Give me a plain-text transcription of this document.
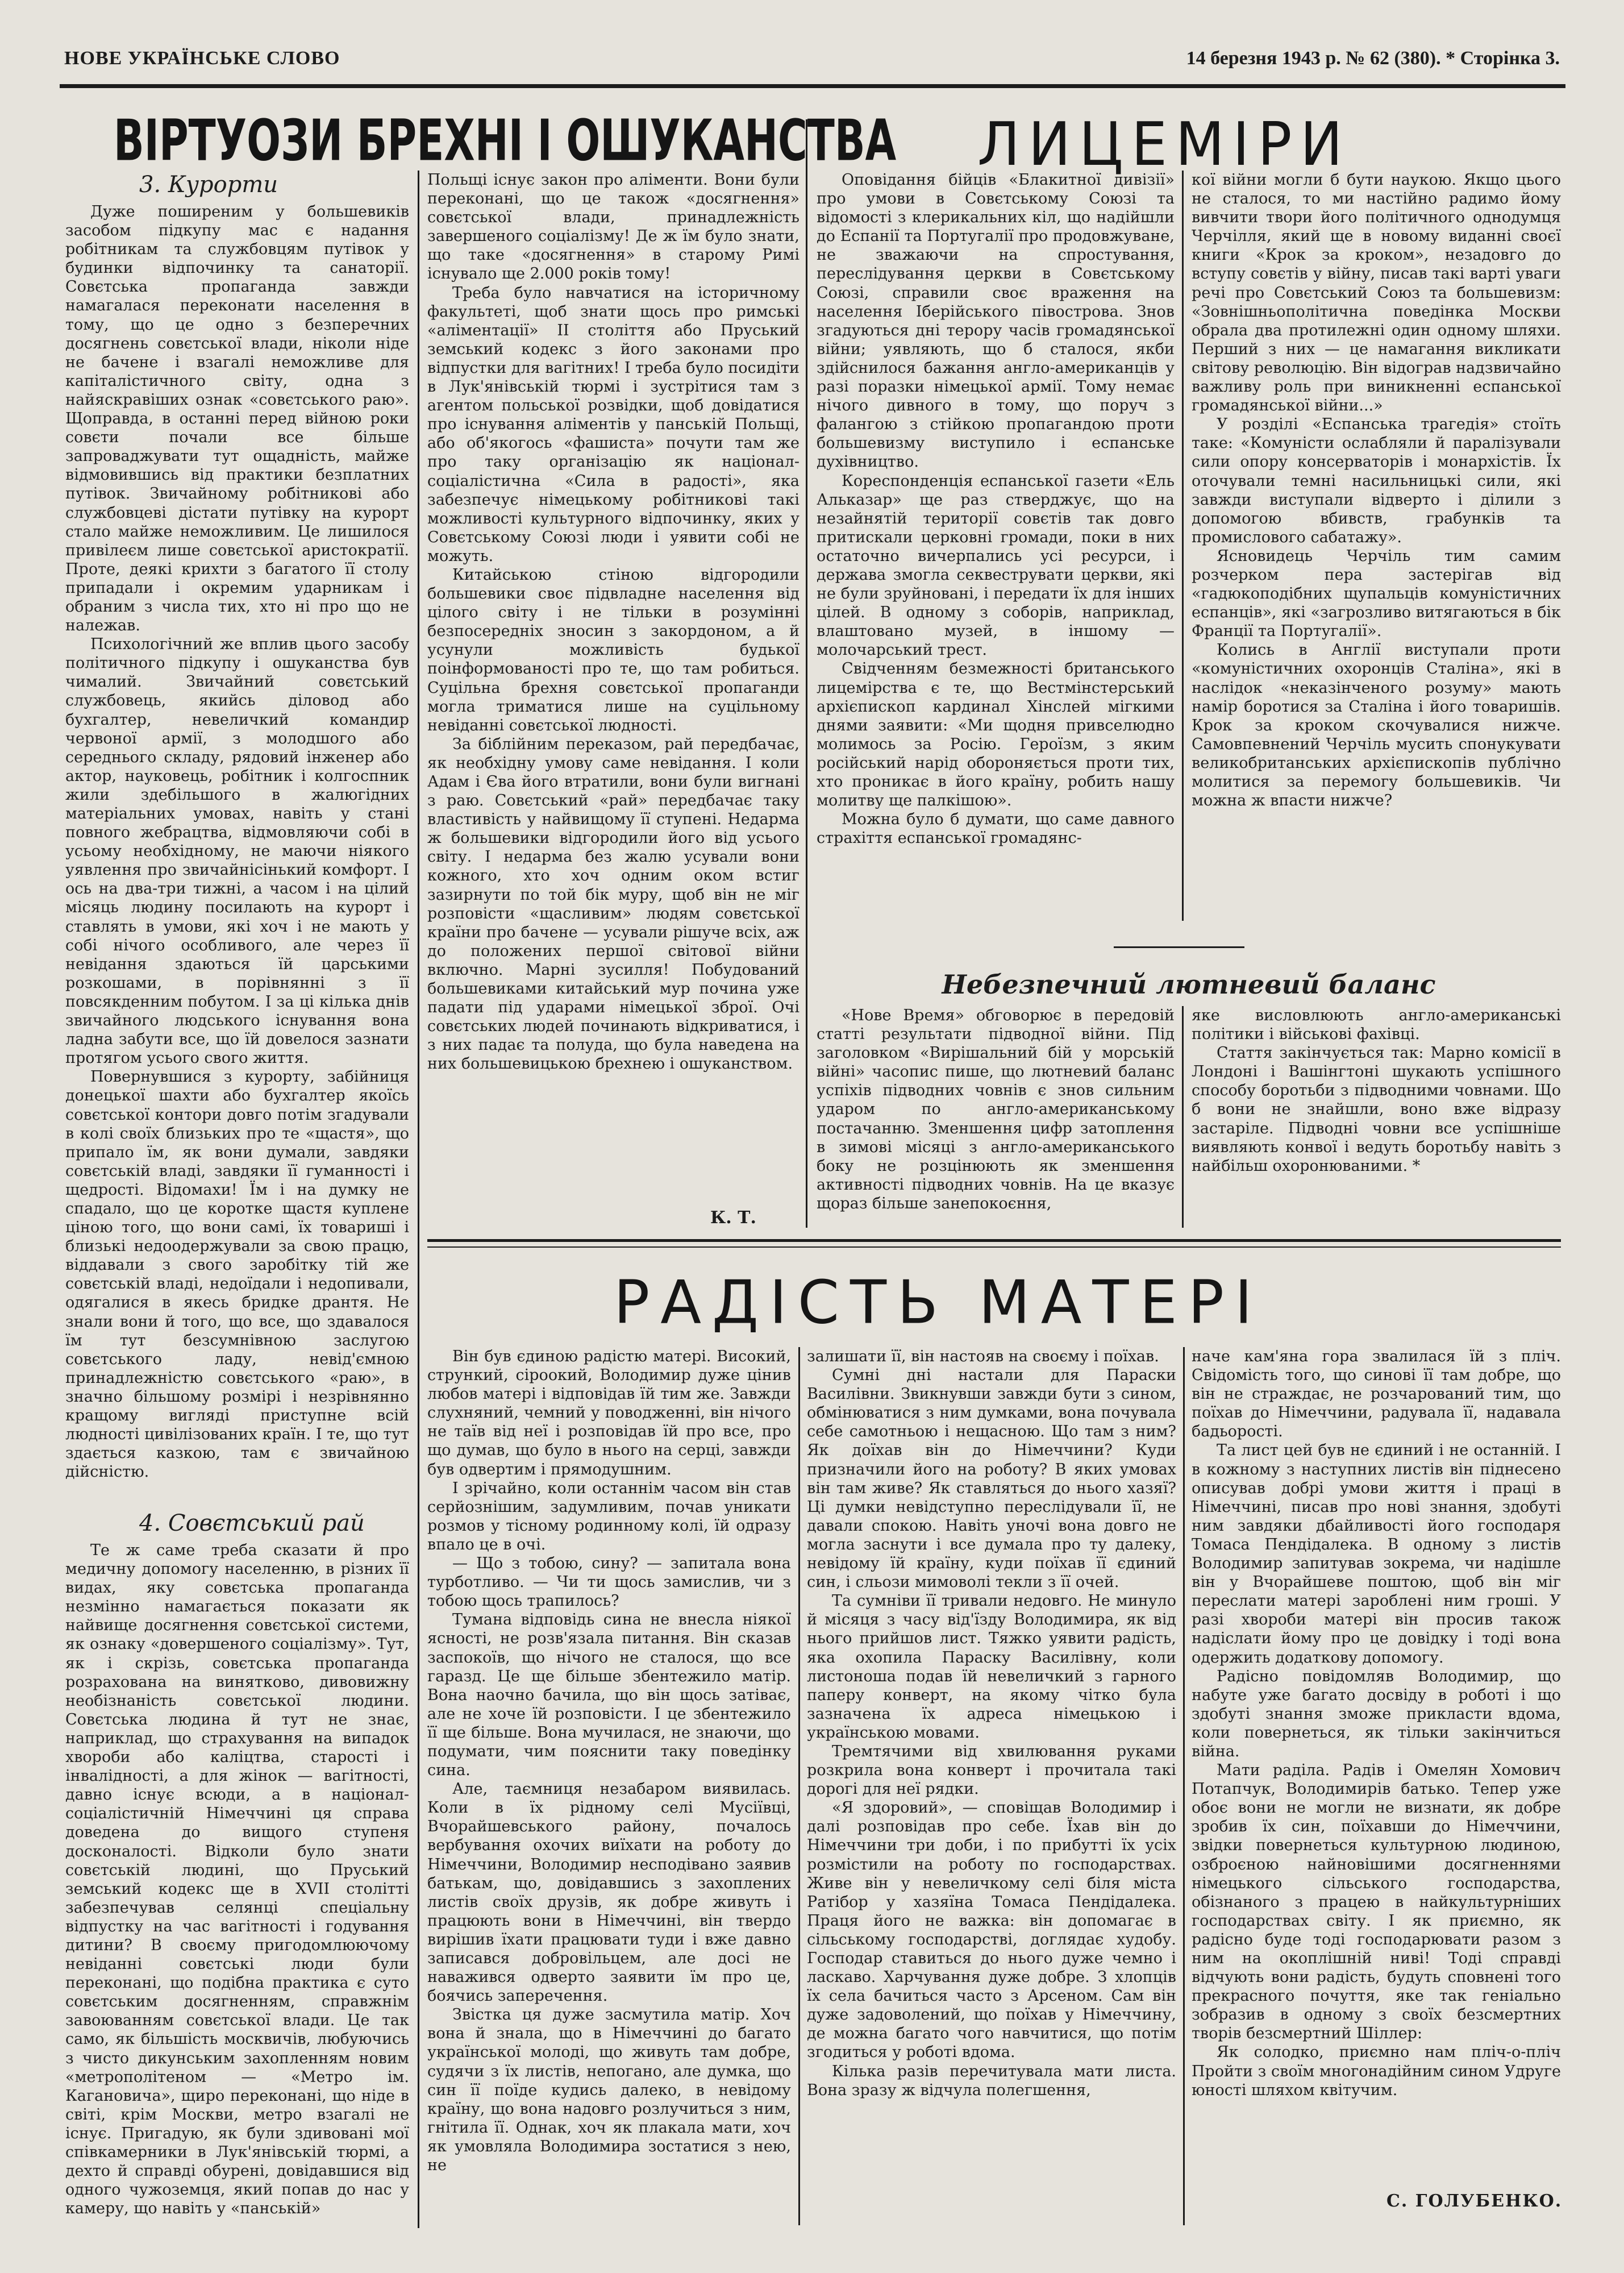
НОВЕ УКРАЇНСЬКЕ СЛОВО	14 березня 1943 р. № 62 (380). * Сторінка 3.
ВІРТУОЗИ БРЕХНІ І ОШУКАНСТВА ЛИЦЕМІРИ
3. Курорти

Дуже поширеним у большевиків засобом підкупу мас є надання робітникам та службовцям путівок у будинки відпочинку та санаторії. Совєтська пропаганда завжди намагалася переконати населення в тому, що це одно з безперечних досягнень совєтської влади, ніколи ніде не бачене і взагалі неможливе для капіталістичного світу, одна з найяскравіших ознак «совєтського раю». Щоправда, в останні перед війною роки совєти почали все більше запроваджувати тут ощадність, майже відмовившись від практики безплатних путівок. Звичайному робітникові або службовцеві дістати путівку на курорт стало майже неможливим. Це лишилося привілеєм лише совєтської аристократії. Проте, деякі крихти з багатого її столу припадали і окремим ударникам і обраним з числа тих, хто ні про що не належав.

Психологічний же вплив цього засобу політичного підкупу і ошуканства був чималий. Звичайний совєтський службовець, якийсь діловод або бухгалтер, невеличкий командир червоної армії, з молодшого або середнього складу, рядовий інженер або актор, науковець, робітник і колгоспник жили здебільшого в жалюгідних матеріальних умовах, навіть у стані повного жебрацтва, відмовляючи собі в усьому необхідному, не маючи ніякого уявлення про звичайнісінький комфорт. І ось на два-три тижні, а часом і на цілий місяць людину посилають на курорт і ставлять в умови, які хоч і не мають у собі нічого особливого, але через її невідання здаються їй царськими розкошами, в порівнянні з її повсякденним побутом. І за ці кілька днів звичайного людського існування вона ладна забути все, що їй довелося зазнати протягом усього свого життя.

Повернувшися з курорту, забійниця донецької шахти або бухгалтер якоїсь совєтської контори довго потім згадували в колі своїх близьких про те «щастя», що припало їм, як вони думали, завдяки совєтській владі, завдяки її гуманності і щедрості. Відомахи! Їм і на думку не спадало, що це коротке щастя куплене ціною того, що вони самі, їх товариші і близькі недоодержували за свою працю, віддавали з свого заробітку тій же совєтській владі, недоїдали і недопивали, одягалися в якесь бридке дрантя. Не знали вони й того, що все, що здавалося їм тут безсумнівною заслугою совєтського ладу, невід'ємною принадлежністю совєтського «раю», в значно більшому розмірі і незрівнянно кращому вигляді приступне всій людності цивілізованих країн. І те, що тут здається казкою, там є звичайною дійсністю.

4. Совєтський рай

Те ж саме треба сказати й про медичну допомогу населенню, в різних її видах, яку совєтська пропаганда незмінно намагається показати як найвище досягнення совєтської системи, як ознаку «довершеного соціалізму». Тут, як і скрізь, совєтська пропаганда розрахована на винятково, дивовижну необізнаність совєтської людини. Совєтська людина й тут не знає, наприклад, що страхування на випадок хвороби або каліцтва, старості і інвалідності, а для жінок — вагітності, давно існує всюди, а в націонал-соціалістичній Німеччині ця справа доведена до вищого ступеня досконалості. Відколи було знати совєтській людині, що Пруський земський кодекс ще в XVII столітті забезпечував селянці спеціальну відпустку на час вагітності і годування дитини? В своєму пригодомлюючому невіданні совєтські люди були переконані, що подібна практика є суто совєтським досягненням, справжнім завоюванням совєтської влади. Це так само, як більшість москвичів, любуючись з чисто дикунським захопленням новим «метрополітеном — «Метро ім. Кагановича», щиро переконані, що ніде в світі, крім Москви, метро взагалі не існує. Пригадую, як були здивовані мої співкамерники в Лук'янівській тюрмі, а дехто й справді обурені, довідавшися від одного чужоземця, який попав до нас у камеру, що навіть у «панській»

Польщі існує закон про аліменти. Вони були переконані, що це також «досягнення» совєтської влади, принадлежність завершеного соціалізму! Де ж їм було знати, що таке «досягнення» в старому Римі існувало ще 2.000 років тому!

Треба було навчатися на історичному факультеті, щоб знати щось про римські «аліментації» ІІ століття або Пруський земський кодекс з його законами про відпустки для вагітних! І треба було посидіти в Лук'янівській тюрмі і зустрітися там з агентом польської розвідки, щоб довідатися про існування аліментів у панській Польщі, або об'якогось «фашиста» почути там же про таку організацію як націонал-соціалістична «Сила в радості», яка забезпечує німецькому робітникові такі можливості культурного відпочинку, яких у Совєтському Союзі люди і уявити собі не можуть.

Китайською стіною відгородили большевики своє підвладне населення від цілого світу і не тільки в розумінні безпосередніх зносин з закордоном, а й усунули можливість будької поінформованості про те, що там робиться. Суцільна брехня совєтської пропаганди могла триматися лише на суцільному невіданні совєтської людності.

За біблійним переказом, рай передбачає, як необхідну умову саме невідання. І коли Адам і Єва його втратили, вони були вигнані з раю. Совєтський «рай» передбачає таку властивість у найвищому її ступені. Недарма ж большевики відгородили його від усього світу. І недарма без жалю усували вони кожного, хто хоч одним оком встиг зазирнути по той бік муру, щоб він не міг розповісти «щасливим» людям совєтської країни про бачене — усували рішуче всіх, аж до положених першої світової війни включно. Марні зусилля! Побудований большевиками китайський мур почина уже падати під ударами німецької зброї. Очі совєтських людей починають відкриватися, і з них падає та полуда, що була наведена на них большевицькою брехнею і ошуканством.

К. Т.

Оповідання бійців «Блакитної дивізії» про умови в Совєтському Союзі та відомості з клерикальних кіл, що надійшли до Еспанії та Португалії про продовжуване, не зважаючи на спростування, переслідування церкви в Совєтському Союзі, справили своє враження на населення Іберійського півострова. Знов згадуються дні терору часів громадянської війни; уявляють, що б сталося, якби здійснилося бажання англо-американців у разі поразки німецької армії. Тому немає нічого дивного в тому, що поруч з фалангою з стійкою пропагандою проти большевизму виступило і еспанське духівництво.

Кореспонденція еспанської газети «Ель Альказар» ще раз стверджує, що на незайнятій території совєтів так довго притискали церковні громади, поки в них остаточно вичерпались усі ресурси, і держава змогла секвеструвати церкви, які не були зруйновані, і передати їх для інших цілей. В одному з соборів, наприклад, влаштовано музей, в іншому — молочарський трест.

Свідченням безмежності британського лицемірства є те, що Вестмінстерський архієпископ кардинал Хінслей мігкими днями заявити: «Ми щодня привселюдно молимось за Росію. Героїзм, з яким російський нарід обороняється проти тих, хто проникає в його країну, робить нашу молитву ще палкішою».

Можна було б думати, що саме давного страхіття еспанської громадянс-

кої війни могли б бути наукою. Якщо цього не сталося, то ми настійно радимо йому вивчити твори його політичного однодумця Черчілля, який ще в новому виданні своєї книги «Крок за кроком», незадовго до вступу совєтів у війну, писав такі варті уваги речі про Совєтський Союз та большевизм: «Зовнішньополітична поведінка Москви обрала два протилежні один одному шляхи. Перший з них — це намагання викликати світову революцію. Він відограв надзвичайно важливу роль при виникненні еспанської громадянської війни...»

У розділі «Еспанська трагедія» стоїть таке: «Комуністи ослабляли й паралізували сили опору консерваторів і монархістів. Їх оточували темні насильницькі сили, які завжди виступали відверто і ділили з допомогою вбивств, грабунків та промислового сабатажу».

Ясновидець Черчіль тим самим розчерком пера застерігав від «гадюкоподібних щупальців комуністичних еспанців», які «загрозливо витягаються в бік Франції та Португалії».

Колись в Англії виступали проти «комуністичних охоронців Сталіна», які в наслідок «неказінченого розуму» мають намір боротися за Сталіна і його товаришів. Крок за кроком скочувалися нижче. Самовпевнений Черчіль мусить спонукувати великобританських архієпископів публічно молитися за перемогу большевиків. Чи можна ж впасти нижче?

Небезпечний лютневий баланс

«Нове Время» обговорює в передовій статті результати підводної війни. Під заголовком «Вирішальний бій у морській війні» часопис пише, що лютневий баланс успіхів підводних човнів є знов сильним ударом по англо-американському постачанню. Зменшення цифр затоплення в зимові місяці з англо-американського боку не розцінюють як зменшення активності підводних човнів. На це вказує щораз більше занепокоєння,

яке висловлюють англо-американські політики і військові фахівці.

Стаття закінчується так: Марно комісії в Лондоні і Вашінгтоні шукають успішного способу боротьби з підводними човнами. Що б вони не знайшли, воно вже відразу застаріле. Підводні човни все успішніше виявляють конвої і ведуть боротьбу навіть з найбільш охоронюваними. *

РАДІСТЬ МАТЕРІ

Він був єдиною радістю матері. Високий, стрункий, сіроокий, Володимир дуже цінив любов матері і відповідав їй тим же. Завжди слухняний, чемний у поводженні, він нічого не таїв від неї і розповідав їй про все, про що думав, що було в нього на серці, завжди був одвертим і прямодушним.

І зрічайно, коли останнім часом він став серйознішим, задумливим, почав уникати розмов у тісному родинному колі, їй одразу впало це в очі.

— Що з тобою, сину? — запитала вона турботливо. — Чи ти щось замислив, чи з тобою щось трапилось?

Тумана відповідь сина не внесла ніякої ясності, не розв'язала питання. Він сказав заспокоїв, що нічого не сталося, що все гаразд. Це ще більше збентежило матір. Вона наочно бачила, що він щось затіває, але не хоче їй розповісти. І це збентежило її ще більше. Вона мучилася, не знаючи, що подумати, чим пояснити таку поведінку сина.

Але, таємниця незабаром виявилась. Коли в їх рідному селі Мусіївці, Вчорайшевського району, почалось вербування охочих виїхати на роботу до Німеччини, Володимир несподівано заявив батькам, що, довідавшись з захоплених листів своїх друзів, як добре живуть і працюють вони в Німеччині, він твердо вирішив їхати працювати туди і вже давно записався добровільцем, але досі не наважився одверто заявити їм про це, боячись заперечення.

Звістка ця дуже засмутила матір. Хоч вона й знала, що в Німеччині до багато української молоді, що живуть там добре, судячи з їх листів, непогано, але думка, що син її поїде кудись далеко, в невідому країну, що вона надовго розлучиться з ним, гнітила її. Однак, хоч як плакала мати, хоч як умовляла Володимира зостатися з нею, не

залишати її, він настояв на своєму і поїхав.

Сумні дні настали для Параски Василівни. Звикнувши завжди бути з сином, обмінюватися з ним думками, вона почувала себе самотньою і нещасною. Що там з ним? Як доїхав він до Німеччини? Куди призначили його на роботу? В яких умовах він там живе? Як ставляться до нього хазяї? Ці думки невідступно переслідували її, не давали спокою. Навіть уночі вона довго не могла заснути і все думала про ту далеку, невідому їй країну, куди поїхав її єдиний син, і сльози мимоволі текли з її очей.

Та сумніви її тривали недовго. Не минуло й місяця з часу від'їзду Володимира, як від нього прийшов лист. Тяжко уявити радість, яка охопила Параску Василівну, коли листоноша подав їй невеличкий з гарного паперу конверт, на якому чітко була зазначена їх адреса німецькою і українською мовами.

Тремтячими від хвилювання руками розкрила вона конверт і прочитала такі дорогі для неї рядки.

«Я здоровий», — сповіщав Володимир і далі розповідав про себе. Їхав він до Німеччини три доби, і по прибутті їх усіх розмістили на роботу по господарствах. Живе він у невеличкому селі біля міста Ратібор у хазяїна Томаса Пендідалека. Праця його не важка: він допомагає в сільському господарстві, доглядає худобу. Господар ставиться до нього дуже чемно і ласкаво. Харчування дуже добре. З хлопців їх села бачиться часто з Арсеном. Сам він дуже задоволений, що поїхав у Німеччину, де можна багато чого навчитися, що потім згодиться у роботі вдома.

Кілька разів перечитувала мати листа. Вона зразу ж відчула полегшення,

наче кам'яна гора звалилася їй з пліч. Свідомість того, що синові її там добре, що він не страждає, не розчарований тим, що поїхав до Німеччини, радувала її, надавала бадьорості.

Та лист цей був не єдиний і не останній. І в кожному з наступних листів він піднесено описував добрі умови життя і праці в Німеччині, писав про нові знання, здобуті ним завдяки дбайливості його господаря Томаса Пендідалека. В одному з листів Володимир запитував зокрема, чи надішле він у Вчорайшеве поштою, щоб він міг переслати матері зароблені ним гроші. У разі хвороби матері він просив також надіслати йому про це довідку і тоді вона одержить додаткову допомогу.

Радісно повідомляв Володимир, що набуте уже багато досвіду в роботі і що здобуті знання зможе прикласти вдома, коли повернеться, як тільки закінчиться війна.

Мати раділа. Радів і Омелян Хомович Потапчук, Володимирів батько. Тепер уже обоє вони не могли не визнати, як добре зробив їх син, поїхавши до Німеччини, звідки повернеться культурною людиною, озброєною найновішими досягненнями німецького сільського господарства, обізнаного з працею в найкультурніших господарствах світу. І як приємно, як радісно буде тоді господарювати разом з ним на окоплішній ниві! Тоді справді відчують вони радість, будуть сповнені того прекрасного почуття, яке так геніально зобразив в одному з своїх безсмертних творів безсмертний Шіллер:

Як солодко, приємно нам пліч-о-пліч Пройти з своїм многонадійним сином Удруге юності шляхом квітучим.

С. ГОЛУБЕНКО.
